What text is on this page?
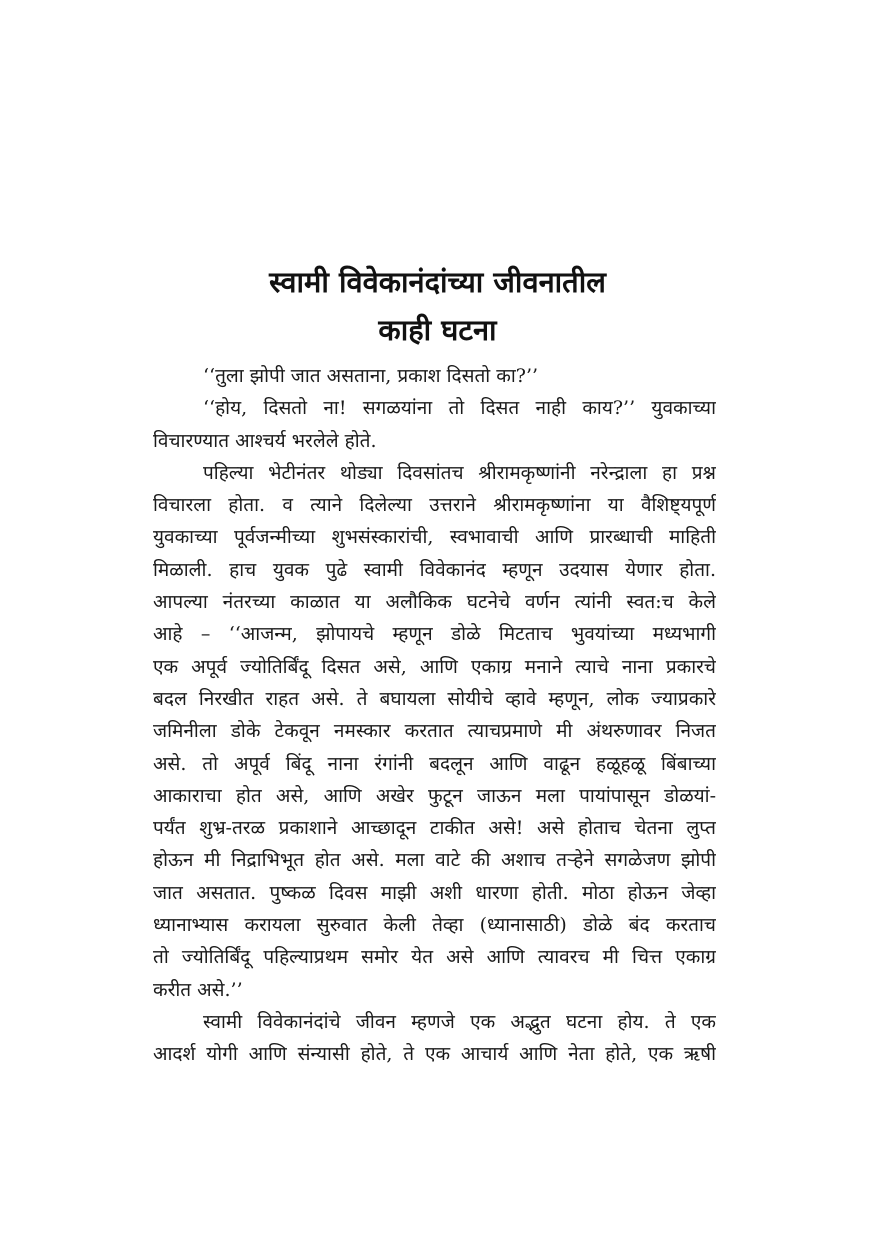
स्वामी विवेकानंदांच्या जीवनातील
काही घटना
‘‘तुला झोपी जात असताना, प्रकाश दिसतो का?’’
‘‘होय, दिसतो ना! सगळयांना तो दिसत नाही काय?’’ युवकाच्या
विचारण्यात आश्चर्य भरलेले होते.
पहिल्या भेटीनंतर थोड्या दिवसांतच श्रीरामकृष्णांनी नरेन्द्राला हा प्रश्न
विचारला होता. व त्याने दिलेल्या उत्तराने श्रीरामकृष्णांना या वैशिष्ट्यपूर्ण
युवकाच्या पूर्वजन्मीच्या शुभसंस्कारांची, स्वभावाची आणि प्रारब्धाची माहिती
मिळाली. हाच युवक पुढे स्वामी विवेकानंद म्हणून उदयास येणार होता.
आपल्या नंतरच्या काळात या अलौकिक घटनेचे वर्णन त्यांनी स्वत:च केले
आहे – ‘‘आजन्म, झोपायचे म्हणून डोळे मिटताच भुवयांच्या मध्यभागी
एक अपूर्व ज्योतिर्बिंदू दिसत असे, आणि एकाग्र मनाने त्याचे नाना प्रकारचे
बदल निरखीत राहत असे. ते बघायला सोयीचे व्हावे म्हणून, लोक ज्याप्रकारे
जमिनीला डोके टेकवून नमस्कार करतात त्याचप्रमाणे मी अंथरुणावर निजत
असे. तो अपूर्व बिंदू नाना रंगांनी बदलून आणि वाढून हळूहळू बिंबाच्या
आकाराचा होत असे, आणि अखेर फुटून जाऊन मला पायांपासून डोळयां-
पर्यंत शुभ्र-तरळ प्रकाशाने आच्छादून टाकीत असे! असे होताच चेतना लुप्त
होऊन मी निद्राभिभूत होत असे. मला वाटे की अशाच तऱ्हेने सगळेजण झोपी
जात असतात. पुष्कळ दिवस माझी अशी धारणा होती. मोठा होऊन जेव्हा
ध्यानाभ्यास करायला सुरुवात केली तेव्हा (ध्यानासाठी) डोळे बंद करताच
तो ज्योतिर्बिंदू पहिल्याप्रथम समोर येत असे आणि त्यावरच मी चित्त एकाग्र
करीत असे.’’
स्वामी विवेकानंदांचे जीवन म्हणजे एक अद्भुत घटना होय. ते एक
आदर्श योगी आणि संन्यासी होते, ते एक आचार्य आणि नेता होते, एक ऋषी
